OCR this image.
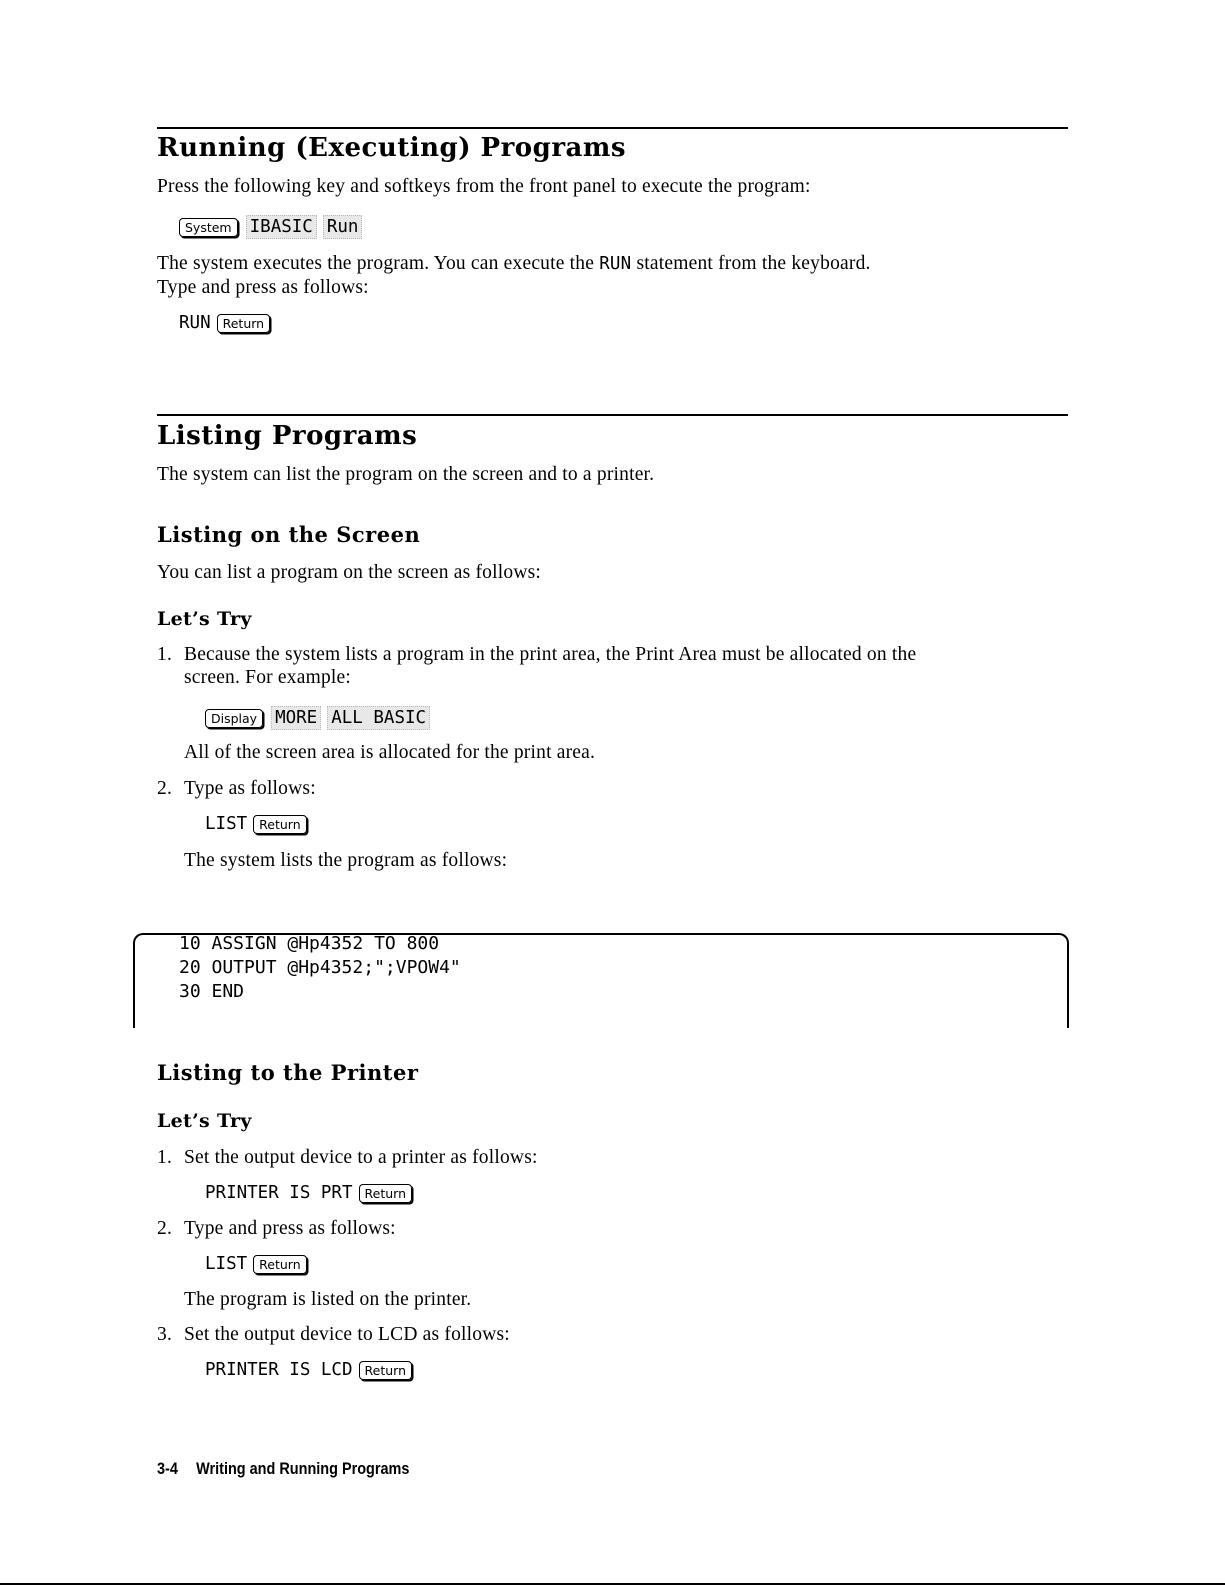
Running (Executing) Programs
Press the following key and softkeys from the front panel to execute the program:
System	IBASIC Run
The system executes the program. You can execute the RUN statement from the keyboard.
Type and press as follows:
RUN Return
Listing Programs
The system can list the program on the screen and to a printer.
Listing on the Screen
You can list a program on the screen as follows:
Let’s Try
1. Because the system lists a program in the print area, the Print Area must be allocated on the
screen. For example:
Display	MORE ALL BASIC
All of the screen area is allocated for the print area.
2. Type as follows:
LIST Return
The system lists the program as follows:
10 ASSIGN @Hp4352 TO 800
20 OUTPUT @Hp4352;";VPOW4"
30 END
Listing to the Printer
Let’s Try
1. Set the output device to a printer as follows:
PRINTER IS PRT Return
2. Type and press as follows:
LIST Return
The program is listed on the printer.
3. Set the output device to LCD as follows:
PRINTER IS LCD Return
3-4 Writing and Running Programs
